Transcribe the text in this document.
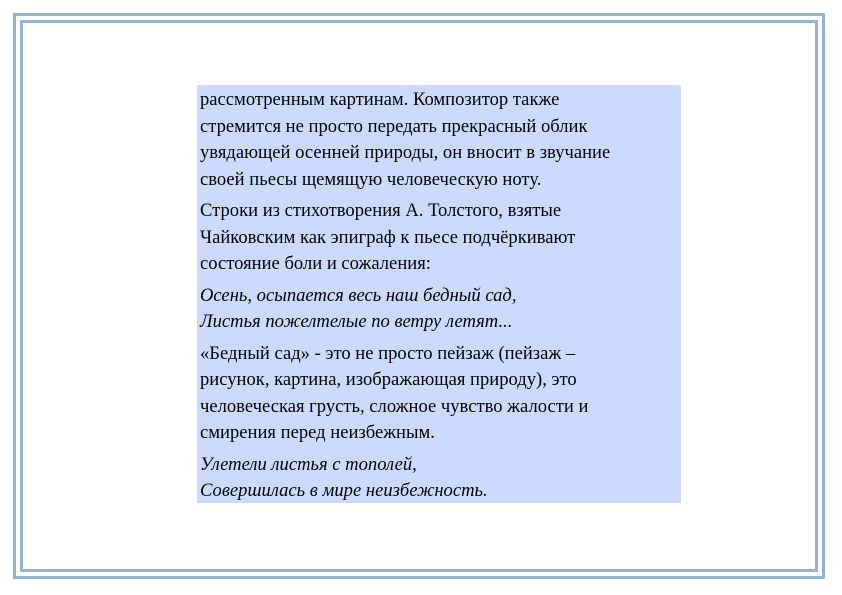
рассмотренным картинам. Композитор также
стремится не просто передать прекрасный облик
увядающей осенней природы, он вносит в звучание
своей пьесы щемящую человеческую ноту.
Строки из стихотворения А. Толстого, взятые
Чайковским как эпиграф к пьесе подчёркивают
состояние боли и сожаления:
Осень, осыпается весь наш бедный сад,
Листья пожелтелые по ветру летят...
«Бедный сад» - это не просто пейзаж (пейзаж –
рисунок, картина, изображающая природу), это
человеческая грусть, сложное чувство жалости и
смирения перед неизбежным.
Улетели листья с тополей,
Совершилась в мире неизбежность.
